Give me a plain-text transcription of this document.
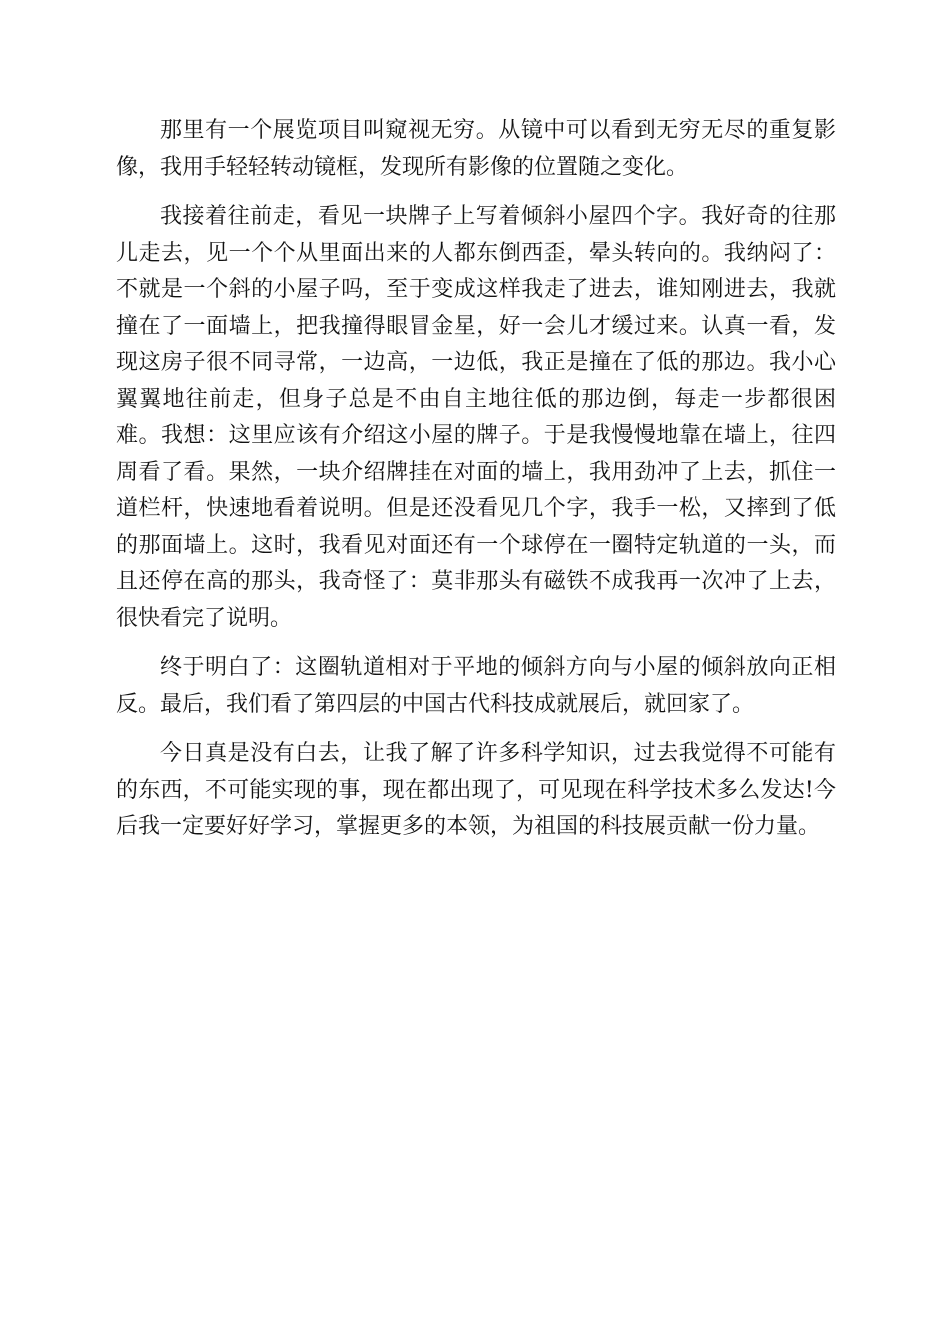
那里有一个展览项目叫窥视无穷。从镜中可以看到无穷无尽的重复影像，我用手轻轻转动镜框，发现所有影像的位置随之变化。

我接着往前走，看见一块牌子上写着倾斜小屋四个字。我好奇的往那儿走去，见一个个从里面出来的人都东倒西歪，晕头转向的。我纳闷了：不就是一个斜的小屋子吗，至于变成这样我走了进去，谁知刚进去，我就撞在了一面墙上，把我撞得眼冒金星，好一会儿才缓过来。认真一看，发现这房子很不同寻常，一边高，一边低，我正是撞在了低的那边。我小心翼翼地往前走，但身子总是不由自主地往低的那边倒，每走一步都很困难。我想：这里应该有介绍这小屋的牌子。于是我慢慢地靠在墙上，往四周看了看。果然，一块介绍牌挂在对面的墙上，我用劲冲了上去，抓住一道栏杆，快速地看着说明。但是还没看见几个字，我手一松，又摔到了低的那面墙上。这时，我看见对面还有一个球停在一圈特定轨道的一头，而且还停在高的那头，我奇怪了：莫非那头有磁铁不成我再一次冲了上去，很快看完了说明。

终于明白了：这圈轨道相对于平地的倾斜方向与小屋的倾斜放向正相反。最后，我们看了第四层的中国古代科技成就展后，就回家了。

今日真是没有白去，让我了解了许多科学知识，过去我觉得不可能有的东西，不可能实现的事，现在都出现了，可见现在科学技术多么发达!今后我一定要好好学习，掌握更多的本领，为祖国的科技展贡献一份力量。
